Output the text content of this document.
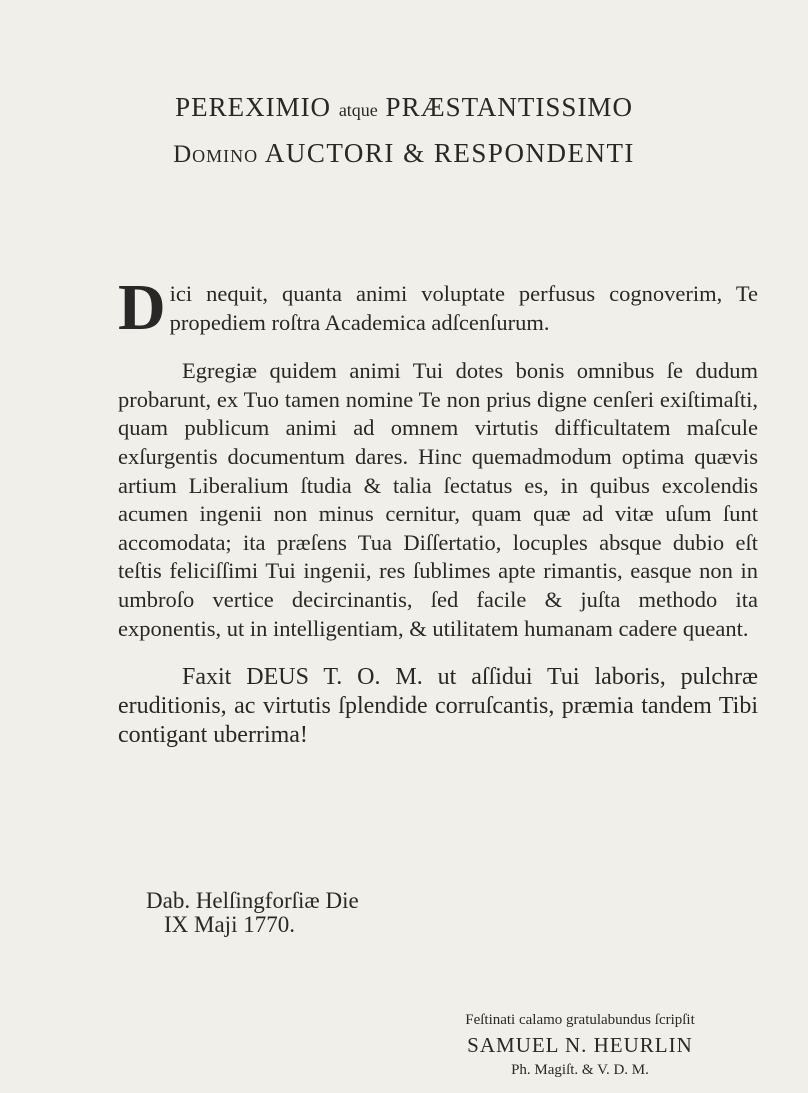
PEREXIMIO atque PRÆSTANTISSIMO
Domino AUCTORI & RESPONDENTI

Dici nequit, quanta animi voluptate perfusus cognoverim, Te propediem roſtra Academica adſcenſurum.

Egregiæ quidem animi Tui dotes bonis omnibus ſe dudum probarunt, ex Tuo tamen nomine Te non prius digne cenſeri exiſtimaſti, quam publicum animi ad omnem virtutis difficultatem maſcule exſurgentis documentum dares. Hinc quemadmodum optima quævis artium Liberalium ſtudia & talia ſectatus es, in quibus excolendis acumen ingenii non minus cernitur, quam quæ ad vitæ uſum ſunt accomodata; ita præſens Tua Diſſertatio, locuples absque dubio eſt teſtis feliciſſimi Tui ingenii, res ſublimes apte rimantis, easque non in umbroſo vertice decircinantis, ſed facile & juſta methodo ita exponentis, ut in intelligentiam, & utilitatem humanam cadere queant.

Faxit DEUS T. O. M. ut aſſidui Tui laboris, pulchræ eruditionis, ac virtutis ſplendide corruſcantis, præmia tandem Tibi contigant uberrima!

Dab. Helſingforſiæ Die
IX Maji 1770.
Feſtinati calamo gratulabundus ſcripſit
SAMUEL N. HEURLIN
Ph. Magiſt. & V. D. M.
